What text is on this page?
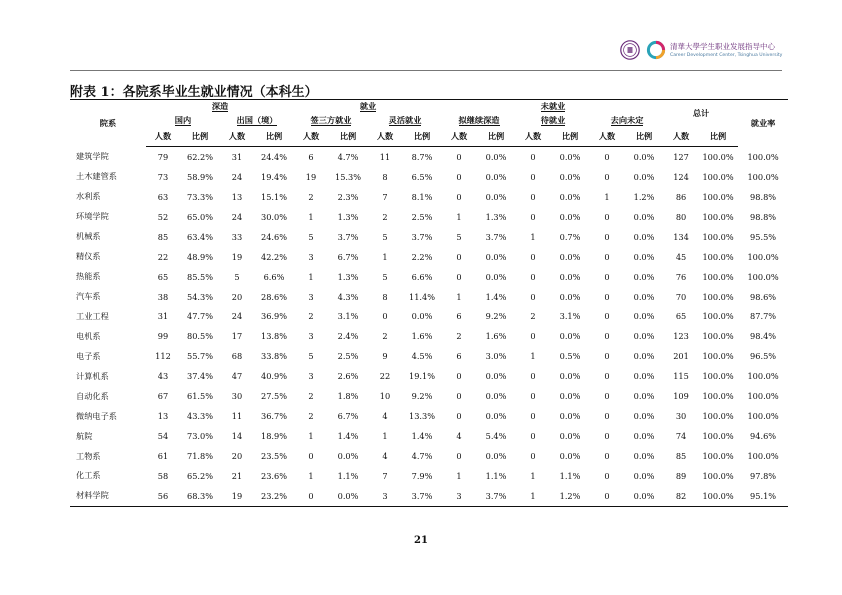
清華大學学生职业发展指导中心
Career Development Center, Tsinghua University
附表 1：各院系毕业生就业情况（本科生）
院系	深造				就业				未就业						总计		就业率
	国内		出国（境）		签三方就业		灵活就业		拟继续深造		待就业		去向未定				
	人数	比例	人数	比例	人数	比例	人数	比例	人数	比例	人数	比例	人数	比例	人数	比例	
建筑学院	79	62.2%	31	24.4%	6	4.7%	11	8.7%	0	0.0%	0	0.0%	0	0.0%	127	100.0%	100.0%
土木建管系	73	58.9%	24	19.4%	19	15.3%	8	6.5%	0	0.0%	0	0.0%	0	0.0%	124	100.0%	100.0%
水利系	63	73.3%	13	15.1%	2	2.3%	7	8.1%	0	0.0%	0	0.0%	1	1.2%	86	100.0%	98.8%
环境学院	52	65.0%	24	30.0%	1	1.3%	2	2.5%	1	1.3%	0	0.0%	0	0.0%	80	100.0%	98.8%
机械系	85	63.4%	33	24.6%	5	3.7%	5	3.7%	5	3.7%	1	0.7%	0	0.0%	134	100.0%	95.5%
精仪系	22	48.9%	19	42.2%	3	6.7%	1	2.2%	0	0.0%	0	0.0%	0	0.0%	45	100.0%	100.0%
热能系	65	85.5%	5	6.6%	1	1.3%	5	6.6%	0	0.0%	0	0.0%	0	0.0%	76	100.0%	100.0%
汽车系	38	54.3%	20	28.6%	3	4.3%	8	11.4%	1	1.4%	0	0.0%	0	0.0%	70	100.0%	98.6%
工业工程	31	47.7%	24	36.9%	2	3.1%	0	0.0%	6	9.2%	2	3.1%	0	0.0%	65	100.0%	87.7%
电机系	99	80.5%	17	13.8%	3	2.4%	2	1.6%	2	1.6%	0	0.0%	0	0.0%	123	100.0%	98.4%
电子系	112	55.7%	68	33.8%	5	2.5%	9	4.5%	6	3.0%	1	0.5%	0	0.0%	201	100.0%	96.5%
计算机系	43	37.4%	47	40.9%	3	2.6%	22	19.1%	0	0.0%	0	0.0%	0	0.0%	115	100.0%	100.0%
自动化系	67	61.5%	30	27.5%	2	1.8%	10	9.2%	0	0.0%	0	0.0%	0	0.0%	109	100.0%	100.0%
微纳电子系	13	43.3%	11	36.7%	2	6.7%	4	13.3%	0	0.0%	0	0.0%	0	0.0%	30	100.0%	100.0%
航院	54	73.0%	14	18.9%	1	1.4%	1	1.4%	4	5.4%	0	0.0%	0	0.0%	74	100.0%	94.6%
工物系	61	71.8%	20	23.5%	0	0.0%	4	4.7%	0	0.0%	0	0.0%	0	0.0%	85	100.0%	100.0%
化工系	58	65.2%	21	23.6%	1	1.1%	7	7.9%	1	1.1%	1	1.1%	0	0.0%	89	100.0%	97.8%
材料学院	56	68.3%	19	23.2%	0	0.0%	3	3.7%	3	3.7%	1	1.2%	0	0.0%	82	100.0%	95.1%
21
